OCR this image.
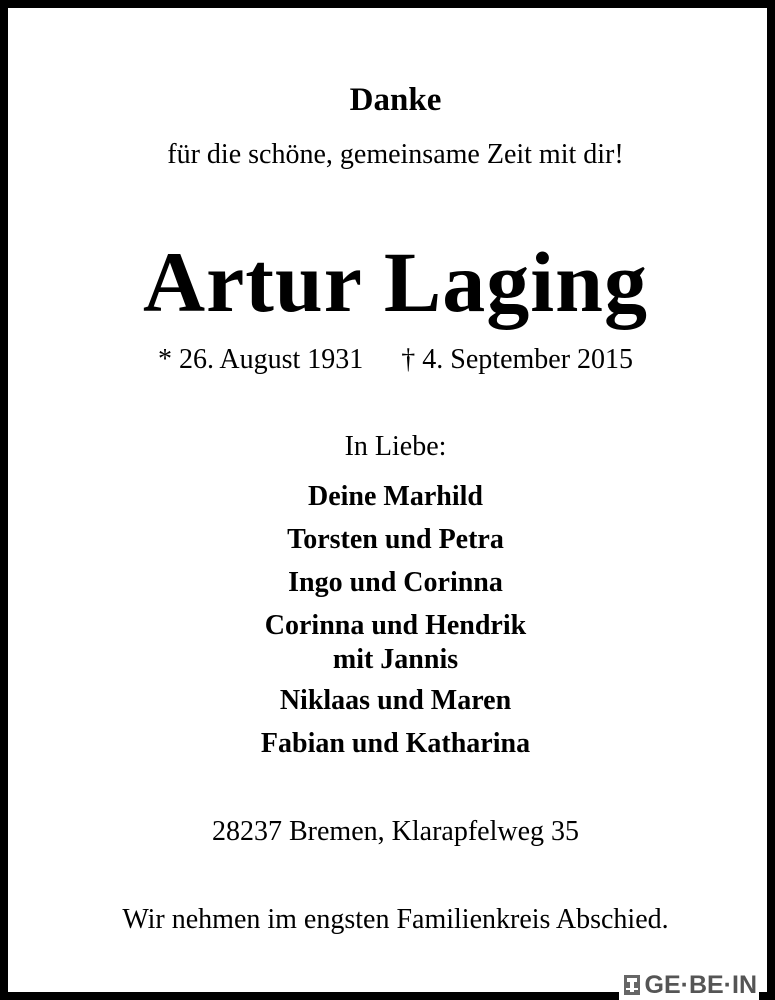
Danke
für die schöne, gemeinsame Zeit mit dir!
Artur Laging
* 26. August 1931 † 4. September 2015
In Liebe:
Deine Marhild
Torsten und Petra
Ingo und Corinna
Corinna und Hendrik
mit Jannis
Niklaas und Maren
Fabian und Katharina
28237 Bremen, Klarapfelweg 35
Wir nehmen im engsten Familienkreis Abschied.
GE·BE·IN
